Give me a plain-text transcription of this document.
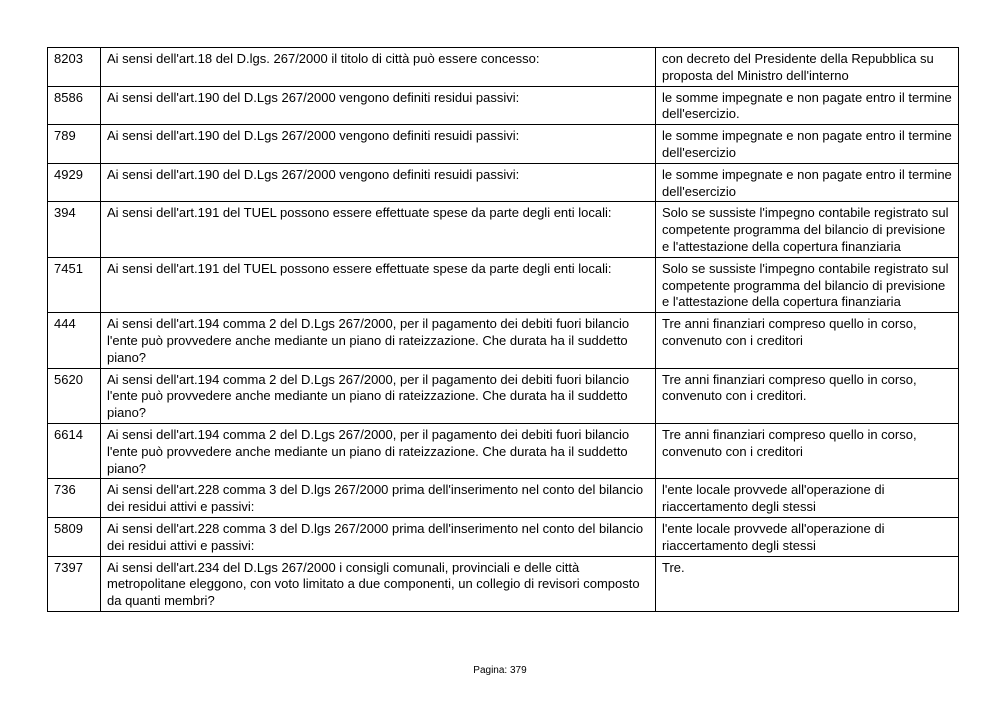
8203	Ai sensi dell'art.18 del D.lgs. 267/2000 il titolo di città può essere concesso:	con decreto del Presidente della Repubblica su proposta del Ministro dell'interno
8586	Ai sensi dell'art.190 del D.Lgs 267/2000 vengono definiti residui passivi:	le somme impegnate e non pagate entro il termine dell'esercizio.
789	Ai sensi dell'art.190 del D.Lgs 267/2000 vengono definiti resuidi passivi:	le somme impegnate e non pagate entro il termine dell'esercizio
4929	Ai sensi dell'art.190 del D.Lgs 267/2000 vengono definiti resuidi passivi:	le somme impegnate e non pagate entro il termine dell'esercizio
394	Ai sensi dell'art.191 del TUEL possono essere effettuate spese da parte degli enti locali:	Solo se sussiste l'impegno contabile registrato sul competente programma del bilancio di previsione e l'attestazione della copertura finanziaria
7451	Ai sensi dell'art.191 del TUEL possono essere effettuate spese da parte degli enti locali:	Solo se sussiste l'impegno contabile registrato sul competente programma del bilancio di previsione e l'attestazione della copertura finanziaria
444	Ai sensi dell'art.194 comma 2 del D.Lgs 267/2000, per il pagamento dei debiti fuori bilancio l'ente può provvedere anche mediante un piano di rateizzazione. Che durata ha il suddetto piano?	Tre anni finanziari compreso quello in corso, convenuto con i creditori
5620	Ai sensi dell'art.194 comma 2 del D.Lgs 267/2000, per il pagamento dei debiti fuori bilancio l'ente può provvedere anche mediante un piano di rateizzazione. Che durata ha il suddetto piano?	Tre anni finanziari compreso quello in corso, convenuto con i creditori.
6614	Ai sensi dell'art.194 comma 2 del D.Lgs 267/2000, per il pagamento dei debiti fuori bilancio l'ente può provvedere anche mediante un piano di rateizzazione. Che durata ha il suddetto piano?	Tre anni finanziari compreso quello in corso, convenuto con i creditori
736	Ai sensi dell'art.228 comma 3 del D.lgs 267/2000 prima dell'inserimento nel conto del bilancio dei residui attivi e passivi:	l'ente locale provvede all'operazione di riaccertamento degli stessi
5809	Ai sensi dell'art.228 comma 3 del D.lgs 267/2000 prima dell'inserimento nel conto del bilancio dei residui attivi e passivi:	l'ente locale provvede all'operazione di riaccertamento degli stessi
7397	Ai sensi dell'art.234 del D.Lgs 267/2000 i consigli comunali, provinciali e delle città metropolitane eleggono, con voto limitato a due componenti, un collegio di revisori composto da quanti membri?	Tre.
Pagina: 379
